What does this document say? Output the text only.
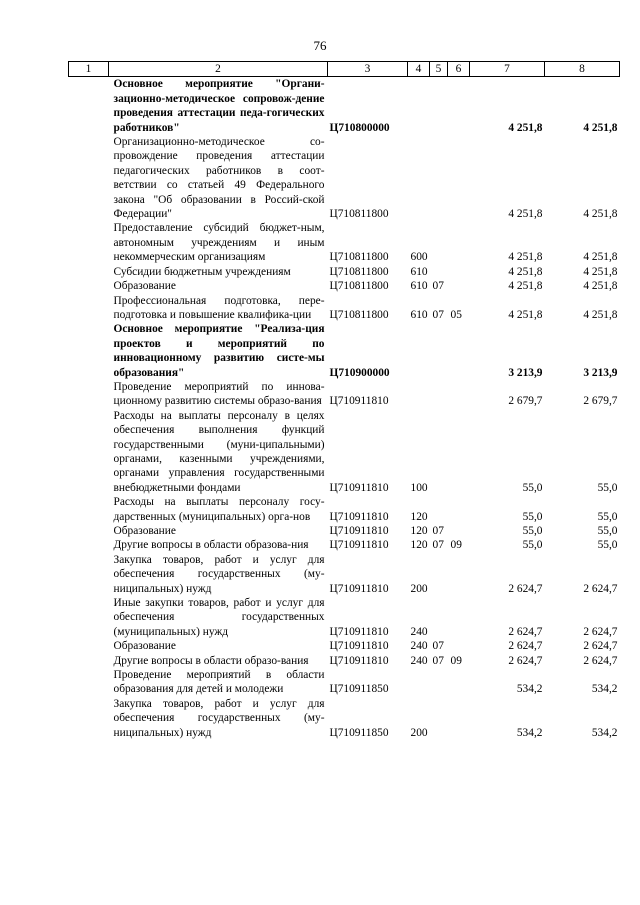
76
1	2	3	4	5	6	7	8
	Основное мероприятие "Органи-зационно-методическое сопровож-дение проведения аттестации педа-гогических работников"	Ц710800000				4 251,8	4 251,8
	Организационно-методическое со-провождение проведения аттестации педагогических работников в соот-ветствии со статьей 49 Федерального закона "Об образовании в Россий-ской Федерации"	Ц710811800				4 251,8	4 251,8
	Предоставление субсидий бюджет-ным, автономным учреждениям и иным некоммерческим организациям	Ц710811800	600			4 251,8	4 251,8
	Субсидии бюджетным учреждениям	Ц710811800	610			4 251,8	4 251,8
	Образование	Ц710811800	610	07		4 251,8	4 251,8
	Профессиональная подготовка, пере-подготовка и повышение квалифика-ции	Ц710811800	610	07	05	4 251,8	4 251,8
	Основное мероприятие "Реализа-ция проектов и мероприятий по инновационному развитию систе-мы образования"	Ц710900000				3 213,9	3 213,9
	Проведение мероприятий по иннова-ционному развитию системы образо-вания	Ц710911810				2 679,7	2 679,7
	Расходы на выплаты персоналу в целях обеспечения выполнения функций государственными (муни-ципальными) органами, казенными учреждениями, органами управления государственными внебюджетными фондами	Ц710911810	100			55,0	55,0
	Расходы на выплаты персоналу госу-дарственных (муниципальных) орга-нов	Ц710911810	120			55,0	55,0
	Образование	Ц710911810	120	07		55,0	55,0
	Другие вопросы в области образова-ния	Ц710911810	120	07	09	55,0	55,0
	Закупка товаров, работ и услуг для обеспечения государственных (му-ниципальных) нужд	Ц710911810	200			2 624,7	2 624,7
	Иные закупки товаров, работ и услуг для обеспечения государственных (муниципальных) нужд	Ц710911810	240			2 624,7	2 624,7
	Образование	Ц710911810	240	07		2 624,7	2 624,7
	Другие вопросы в области образо-вания	Ц710911810	240	07	09	2 624,7	2 624,7
	Проведение мероприятий в области образования для детей и молодежи	Ц710911850				534,2	534,2
	Закупка товаров, работ и услуг для обеспечения государственных (му-ниципальных) нужд	Ц710911850	200			534,2	534,2
